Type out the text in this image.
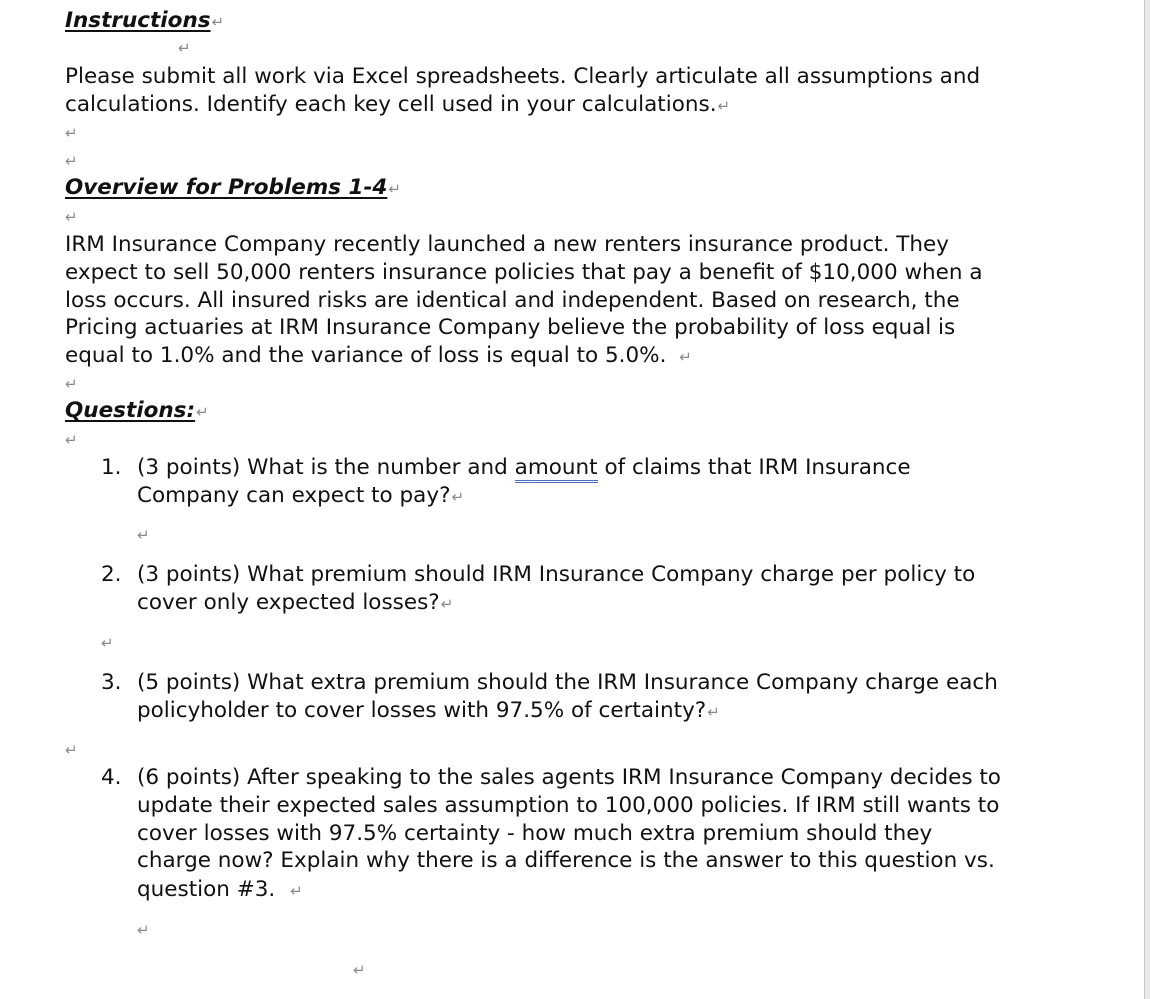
Instructions↵
↵
Please submit all work via Excel spreadsheets. Clearly articulate all assumptions and
calculations. Identify each key cell used in your calculations.↵
↵
↵
Overview for Problems 1-4↵
↵
IRM Insurance Company recently launched a new renters insurance product. They
expect to sell 50,000 renters insurance policies that pay a benefit of $10,000 when a
loss occurs. All insured risks are identical and independent. Based on research, the
Pricing actuaries at IRM Insurance Company believe the probability of loss equal is
equal to 1.0% and the variance of loss is equal to 5.0%. ↵
↵
Questions:↵
↵
1. (3 points) What is the number and amount of claims that IRM Insurance
Company can expect to pay?↵
↵
2. (3 points) What premium should IRM Insurance Company charge per policy to
cover only expected losses?↵
↵
3. (5 points) What extra premium should the IRM Insurance Company charge each
policyholder to cover losses with 97.5% of certainty?↵
↵
4. (6 points) After speaking to the sales agents IRM Insurance Company decides to
update their expected sales assumption to 100,000 policies. If IRM still wants to
cover losses with 97.5% certainty - how much extra premium should they
charge now? Explain why there is a difference is the answer to this question vs.
question #3. ↵
↵
↵
